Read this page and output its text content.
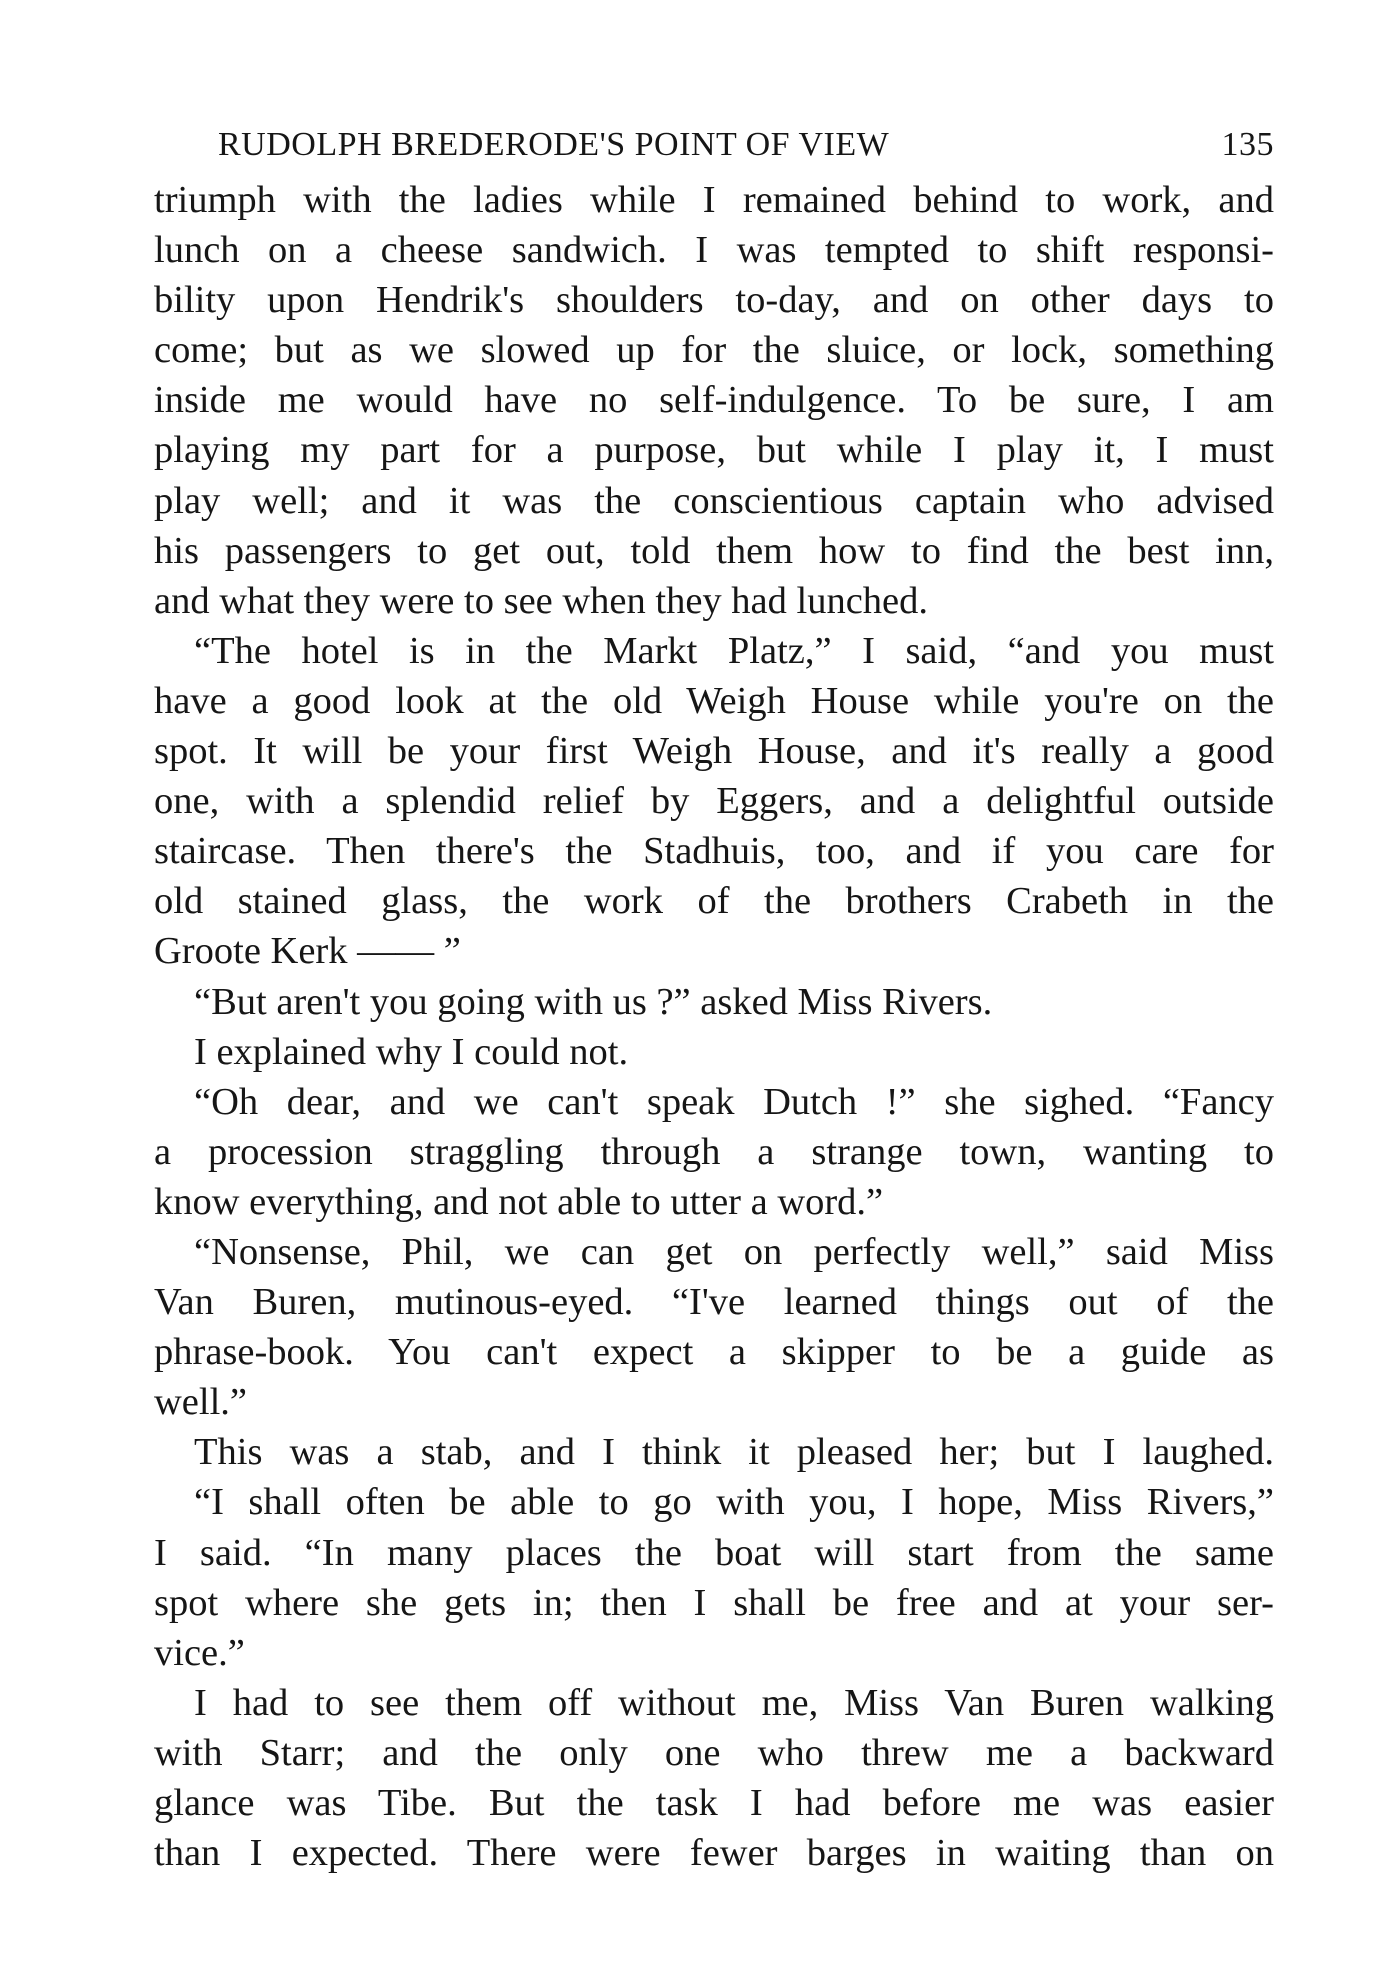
RUDOLPH BREDERODE'S POINT OF VIEW	135
triumph with the ladies while I remained behind to work, and
lunch on a cheese sandwich. I was tempted to shift responsi-
bility upon Hendrik's shoulders to-day, and on other days to
come; but as we slowed up for the sluice, or lock, something
inside me would have no self-indulgence. To be sure, I am
playing my part for a purpose, but while I play it, I must
play well; and it was the conscientious captain who advised
his passengers to get out, told them how to find the best inn,
and what they were to see when they had lunched.
“The hotel is in the Markt Platz,” I said, “and you must
have a good look at the old Weigh House while you're on the
spot. It will be your first Weigh House, and it's really a good
one, with a splendid relief by Eggers, and a delightful outside
staircase. Then there's the Stadhuis, too, and if you care for
old stained glass, the work of the brothers Crabeth in the
Groote Kerk —— ”
“But aren't you going with us ?” asked Miss Rivers.
I explained why I could not.
“Oh dear, and we can't speak Dutch !” she sighed. “Fancy
a procession straggling through a strange town, wanting to
know everything, and not able to utter a word.”
“Nonsense, Phil, we can get on perfectly well,” said Miss
Van Buren, mutinous-eyed. “I've learned things out of the
phrase-book. You can't expect a skipper to be a guide as
well.”
This was a stab, and I think it pleased her; but I laughed.
“I shall often be able to go with you, I hope, Miss Rivers,”
I said. “In many places the boat will start from the same
spot where she gets in; then I shall be free and at your ser-
vice.”
I had to see them off without me, Miss Van Buren walking
with Starr; and the only one who threw me a backward
glance was Tibe. But the task I had before me was easier
than I expected. There were fewer barges in waiting than on
